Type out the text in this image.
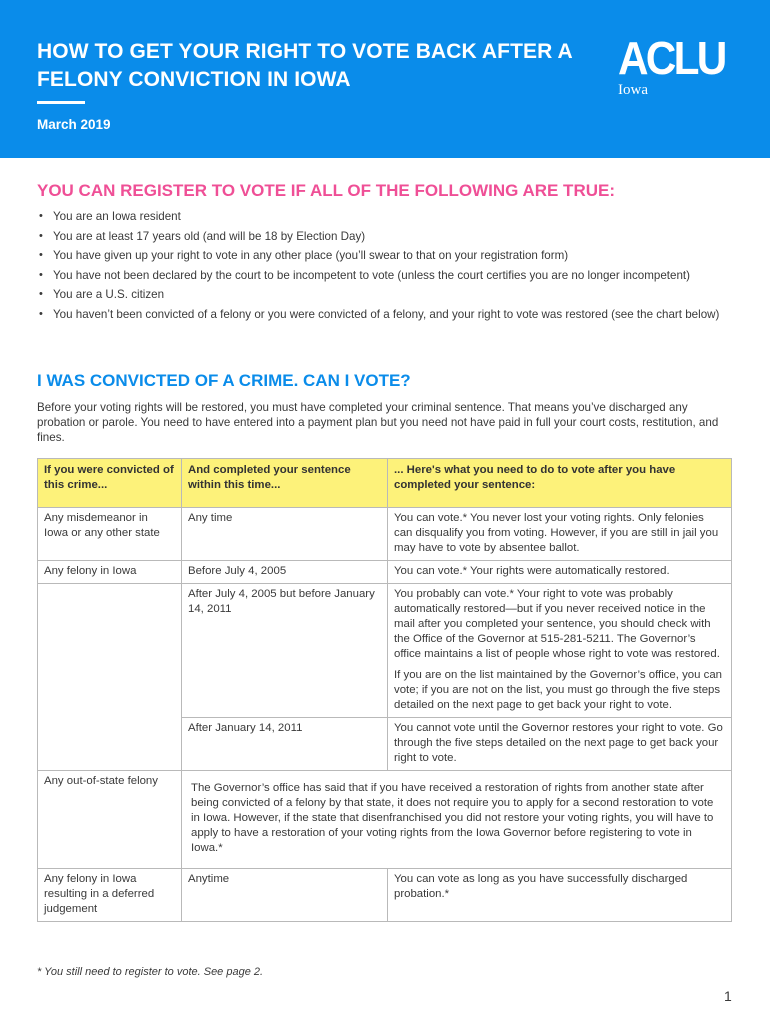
HOW TO GET YOUR RIGHT TO VOTE BACK AFTER A FELONY CONVICTION IN IOWA
March 2019
ACLU
Iowa
YOU CAN REGISTER TO VOTE IF ALL OF THE FOLLOWING ARE TRUE:
• You are an Iowa resident
• You are at least 17 years old (and will be 18 by Election Day)
• You have given up your right to vote in any other place (you’ll swear to that on your registration form)
• You have not been declared by the court to be incompetent to vote (unless the court certifies you are no longer incompetent)
• You are a U.S. citizen
• You haven’t been convicted of a felony or you were convicted of a felony, and your right to vote was restored (see the chart below)
I WAS CONVICTED OF A CRIME. CAN I VOTE?
Before your voting rights will be restored, you must have completed your criminal sentence. That means you’ve discharged any probation or parole. You need to have entered into a payment plan but you need not have paid in full your court costs, restitution, and fines.
If you were convicted of this crime...	And completed your sentence within this time...	... Here's what you need to do to vote after you have completed your sentence:
Any misdemeanor in Iowa or any other state	Any time	You can vote.* You never lost your voting rights. Only felonies can disqualify you from voting. However, if you are still in jail you may have to vote by absentee ballot.
Any felony in Iowa	Before July 4, 2005	You can vote.* Your rights were automatically restored.
	After July 4, 2005 but before January 14, 2011	You probably can vote.* Your right to vote was probably automatically restored—but if you never received notice in the mail after you completed your sentence, you should check with the Office of the Governor at 515-281-5211. The Governor’s office maintains a list of people whose right to vote was restored.
If you are on the list maintained by the Governor’s office, you can vote; if you are not on the list, you must go through the five steps detailed on the next page to get back your right to vote.

	After January 14, 2011	You cannot vote until the Governor restores your right to vote. Go through the five steps detailed on the next page to get back your right to vote.
Any out-of-state felony	The Governor’s office has said that if you have received a restoration of rights from another state after being convicted of a felony by that state, it does not require you to apply for a second restoration to vote in Iowa. However, if the state that disenfranchised you did not restore your voting rights, you will have to apply to have a restoration of your voting rights from the Iowa Governor before registering to vote in Iowa.*	

Any felony in Iowa resulting in a deferred judgement	Anytime	You can vote as long as you have successfully discharged probation.*
* You still need to register to vote. See page 2.
1
